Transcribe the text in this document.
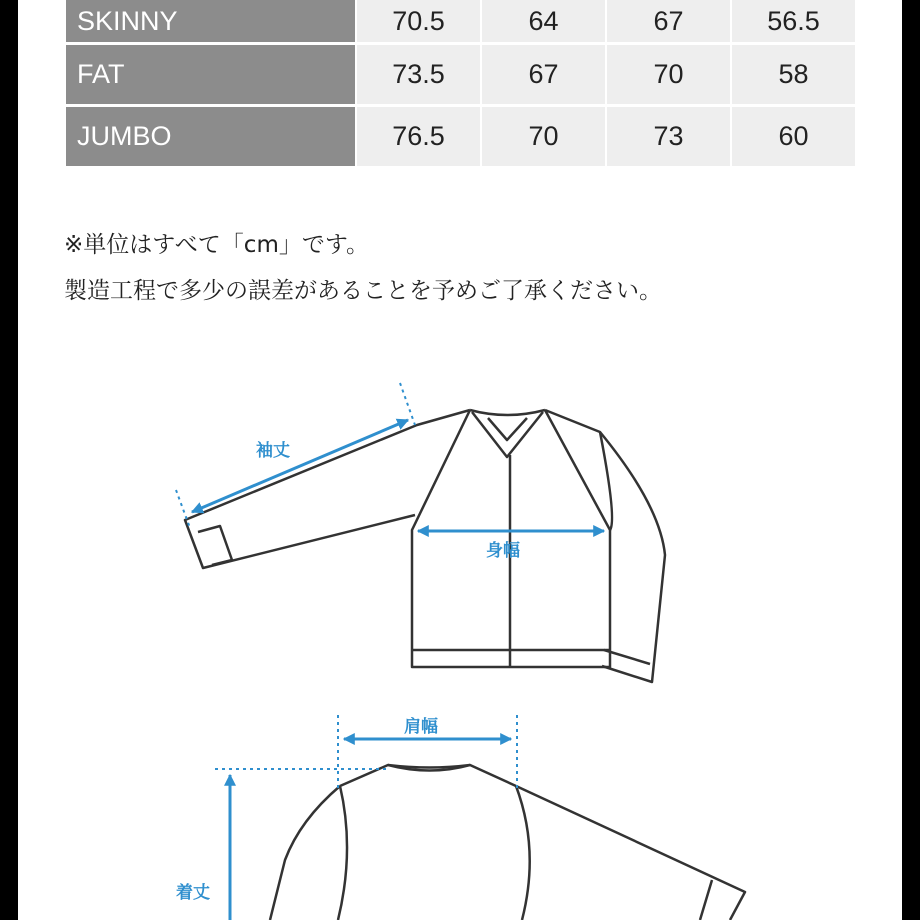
SKINNY	70.5	64	67	56.5
FAT	73.5	67	70	58
JUMBO	76.5	70	73	60
※単位はすべて「cm」です。
製造工程で多少の誤差があることを予めご了承ください。
袖丈
身幅
肩幅
着丈
